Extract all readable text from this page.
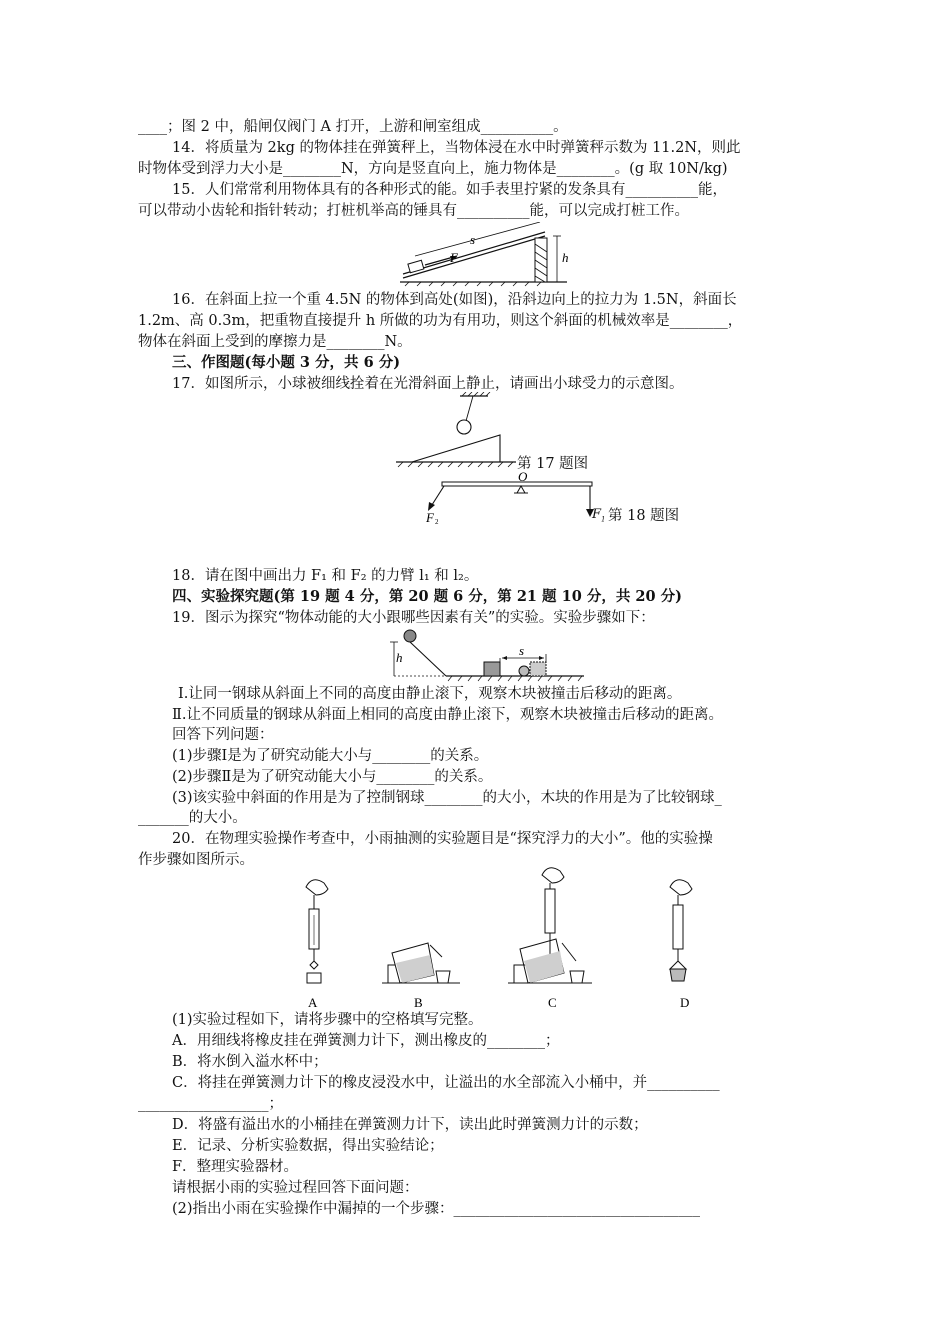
____；图 2 中，船闸仅阀门 A 打开，上游和闸室组成__________。
14．将质量为 2kg 的物体挂在弹簧秤上，当物体浸在水中时弹簧秤示数为 11.2N，则此
时物体受到浮力大小是________N，方向是竖直向上，施力物体是________。(g 取 10N/kg)
15．人们常常利用物体具有的各种形式的能。如手表里拧紧的发条具有__________能，
可以带动小齿轮和指针转动；打桩机举高的锤具有__________能，可以完成打桩工作。
s
F	h
16．在斜面上拉一个重 4.5N 的物体到高处(如图)，沿斜边向上的拉力为 1.5N，斜面长
1.2m、高 0.3m，把重物直接提升 h 所做的功为有用功，则这个斜面的机械效率是________，
物体在斜面上受到的摩擦力是________N。
三、作图题(每小题 3 分，共 6 分)
17．如图所示，小球被细线拴着在光滑斜面上静止，请画出小球受力的示意图。
第 17 题图
O
F 2	$F_1$ 第 18 题图
18．请在图中画出力 F₁ 和 F₂ 的力臂 l₁ 和 l₂。
四、实验探究题(第 19 题 4 分，第 20 题 6 分，第 21 题 10 分，共 20 分)
19．图示为探究“物体动能的大小跟哪些因素有关”的实验。实验步骤如下：
h	s
Ⅰ.让同一钢球从斜面上不同的高度由静止滚下，观察木块被撞击后移动的距离。
Ⅱ.让不同质量的钢球从斜面上相同的高度由静止滚下，观察木块被撞击后移动的距离。
回答下列问题：
(1)步骤Ⅰ是为了研究动能大小与________的关系。
(2)步骤Ⅱ是为了研究动能大小与________的关系。
(3)该实验中斜面的作用是为了控制钢球________的大小，木块的作用是为了比较钢球_
_______的大小。
20．在物理实验操作考查中，小雨抽测的实验题目是“探究浮力的大小”。他的实验操
作步骤如图所示。
A	B	C	D
(1)实验过程如下，请将步骤中的空格填写完整。
A．用细线将橡皮挂在弹簧测力计下，测出橡皮的________；
B．将水倒入溢水杯中；
C．将挂在弹簧测力计下的橡皮浸没水中，让溢出的水全部流入小桶中，并__________
__________________；
D．将盛有溢出水的小桶挂在弹簧测力计下，读出此时弹簧测力计的示数；
E．记录、分析实验数据，得出实验结论；
F．整理实验器材。
请根据小雨的实验过程回答下面问题：
(2)指出小雨在实验操作中漏掉的一个步骤：__________________________________
